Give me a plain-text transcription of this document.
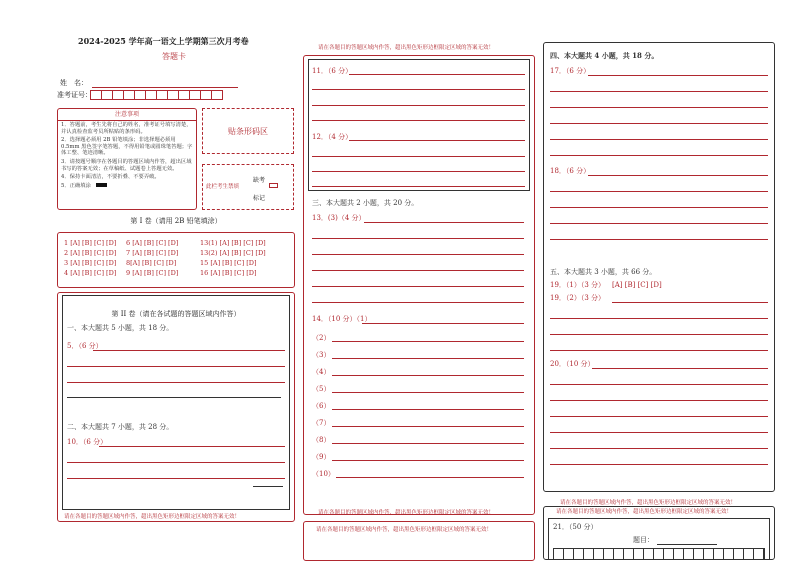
2024-2025 学年高一语文上学期第三次月考卷
答题卡
姓　名：
准考证号：
注意事项
1．答题前，考生先将自己的姓名，准考证号填写清楚，并认真检查监考员所粘贴的条形码。
2．选择题必须用 2B 铅笔填涂；非选择题必须用 0.5mm 黑色签字笔答题，不得用铅笔或圆珠笔答题；字体工整、笔迹清晰。
3．请按题号顺序在各题目的答题区域内作答，超出区域书写的答案无效；在草稿纸、试题卷上答题无效。
4．保持卡面清洁，不要折叠、不要弄破。
5．正确填涂
贴条形码区
此栏考生禁填
缺考
标记
第 I 卷（请用 2B 铅笔填涂）
1 [A] [B] [C] [D]
2 [A] [B] [C] [D]
3 [A] [B] [C] [D]
4 [A] [B] [C] [D]
6 [A] [B] [C] [D]
7 [A] [B] [C] [D]
8[A] [B] [C] [D]
9 [A] [B] [C] [D]
13(1) [A] [B] [C] [D]
13(2) [A] [B] [C] [D]
15 [A] [B] [C] [D]
16 [A] [B] [C] [D]
第 II 卷（请在各试题的答题区域内作答）
一、本大题共 5 小题，共 18 分。
5．（6 分）
二、本大题共 7 小题，共 28 分。
10．（6 分）
请在各题目的答题区域内作答，超出黑色矩形边框限定区域的答案无效！
请在各题目的答题区域内作答，超出黑色矩形边框限定区域的答案无效！
11．（6 分）
12．（4 分）
三、本大题共 2 小题，共 20 分。
13．(3)（4 分）
14．（10 分）（1）
（2）
（3）
（4）
（5）
（6）
（7）
（8）
（9）
（10）
请在各题目的答题区域内作答，超出黑色矩形边框限定区域的答案无效！
请在各题目的答题区域内作答，超出黑色矩形边框限定区域的答案无效！
四、本大题共 4 小题，共 18 分。
17．（6 分）
18．（6 分）
五、本大题共 3 小题，共 66 分。
19．（1）（3 分） [A] [B] [C] [D]
19．（2）（3 分）
20．（10 分）
请在各题目的答题区域内作答，超出黑色矩形边框限定区域的答案无效！
请在各题目的答题区域内作答，超出黑色矩形边框限定区域的答案无效！
21．（50 分）
题目：
